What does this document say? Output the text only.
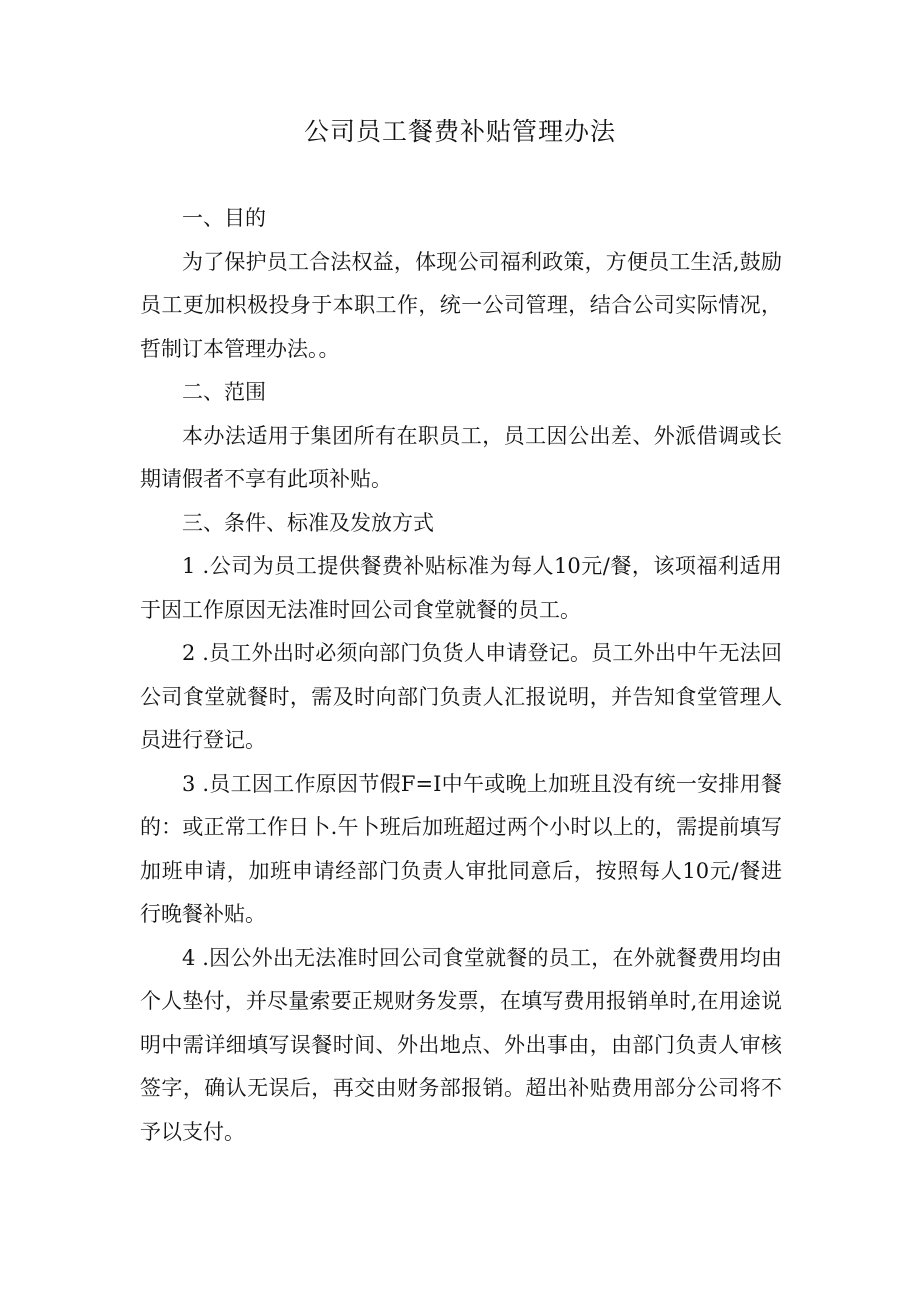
公司员工餐费补贴管理办法

一、目的

为了保护员工合法权益，体现公司福利政策，方便员工生活,鼓励员工更加枳极投身于本职工作，统一公司管理，结合公司实际情况，哲制订本管理办法。。

二、范围

本办法适用于集团所有在职员工，员工因公出差、外派借调或长期请假者不享有此项补贴。

三、条件、标准及发放方式

1 .公司为员工提供餐费补贴标准为每人10元/餐，该项福利适用于因工作原因无法准时回公司食堂就餐的员工。

2 .员工外出时必须向部门负货人申请登记。员工外出中午无法回公司食堂就餐时，需及时向部门负责人汇报说明，并告知食堂管理人员进行登记。

3 .员工因工作原因节假F=I中午或晚上加班且没有统一安排用餐的：或正常工作日卜.午卜班后加班超过两个小时以上的，需提前填写加班申请，加班申请经部门负责人审批同意后，按照每人10元/餐进行晚餐补贴。

4 .因公外出无法准时回公司食堂就餐的员工，在外就餐费用均由个人垫付，并尽量索要正规财务发票，在填写费用报销单时,在用途说明中需详细填写误餐时间、外出地点、外出事由，由部门负责人审核签字，确认无误后，再交由财务部报销。超出补贴费用部分公司将不予以支付。
